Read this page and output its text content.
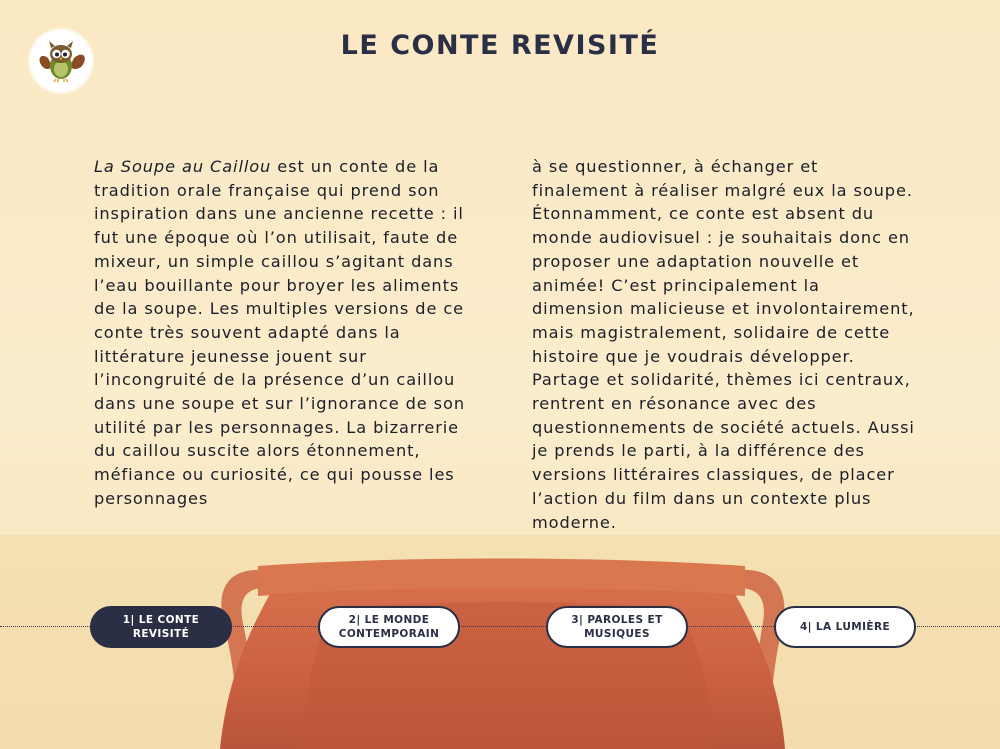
LE CONTE REVISITÉ

La Soupe au Caillou est un conte de la tradition orale française qui prend son inspiration dans une ancienne recette : il fut une époque où l’on utilisait, faute de mixeur, un simple caillou s’agitant dans l’eau bouillante pour broyer les aliments de la soupe. Les multiples versions de ce conte très souvent adapté dans la littérature jeunesse jouent sur l’incongruité de la présence d’un caillou dans une soupe et sur l’ignorance de son utilité par les personnages. La bizarrerie du caillou suscite alors étonnement, méfiance ou curiosité, ce qui pousse les personnages

à se questionner, à échanger et finalement à réaliser malgré eux la soupe. Étonnamment, ce conte est absent du monde audiovisuel : je souhaitais donc en proposer une adaptation nouvelle et animée! C’est principalement la dimension malicieuse et involontairement, mais magistralement, solidaire de cette histoire que je voudrais développer. Partage et solidarité, thèmes ici centraux, rentrent en résonance avec des questionnements de société actuels. Aussi je prends le parti, à la différence des versions littéraires classiques, de placer l’action du film dans un contexte plus moderne.

1| LE CONTE REVISITÉ
2| LE MONDE CONTEMPORAIN
3| PAROLES ET MUSIQUES
4| LA LUMIÈRE
